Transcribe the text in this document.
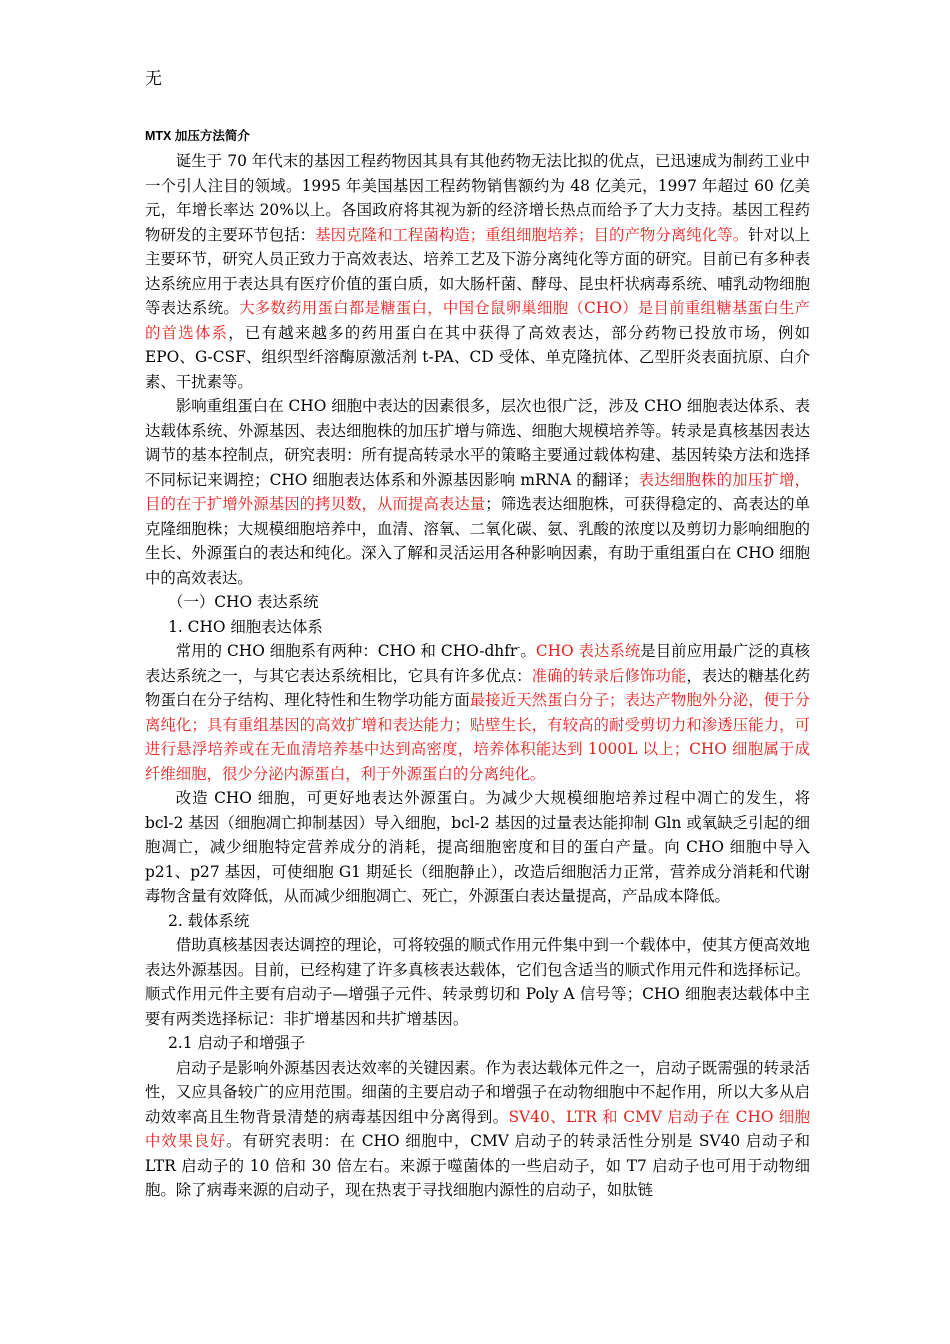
无
MTX 加压方法简介

诞生于 70 年代末的基因工程药物因其具有其他药物无法比拟的优点，已迅速成为制药工业中一个引人注目的领域。1995 年美国基因工程药物销售额约为 48 亿美元，1997 年超过 60 亿美元，年增长率达 20%以上。各国政府将其视为新的经济增长热点而给予了大力支持。基因工程药物研发的主要环节包括：基因克隆和工程菌构造；重组细胞培养；目的产物分离纯化等。针对以上主要环节，研究人员正致力于高效表达、培养工艺及下游分离纯化等方面的研究。目前已有多种表达系统应用于表达具有医疗价值的蛋白质，如大肠杆菌、酵母、昆虫杆状病毒系统、哺乳动物细胞等表达系统。大多数药用蛋白都是糖蛋白，中国仓鼠卵巢细胞（CHO）是目前重组糖基蛋白生产的首选体系，已有越来越多的药用蛋白在其中获得了高效表达，部分药物已投放市场，例如 EPO、G-CSF、组织型纤溶酶原激活剂 t-PA、CD 受体、单克隆抗体、乙型肝炎表面抗原、白介素、干扰素等。

影响重组蛋白在 CHO 细胞中表达的因素很多，层次也很广泛，涉及 CHO 细胞表达体系、表达载体系统、外源基因、表达细胞株的加压扩增与筛选、细胞大规模培养等。转录是真核基因表达调节的基本控制点，研究表明：所有提高转录水平的策略主要通过载体构建、基因转染方法和选择不同标记来调控；CHO 细胞表达体系和外源基因影响 mRNA 的翻译；表达细胞株的加压扩增，目的在于扩增外源基因的拷贝数，从而提高表达量；筛选表达细胞株，可获得稳定的、高表达的单克隆细胞株；大规模细胞培养中，血清、溶氧、二氧化碳、氨、乳酸的浓度以及剪切力影响细胞的生长、外源蛋白的表达和纯化。深入了解和灵活运用各种影响因素，有助于重组蛋白在 CHO 细胞中的高效表达。

（一）CHO 表达系统

1. CHO 细胞表达体系

常用的 CHO 细胞系有两种：CHO 和 CHO-dhfr-。CHO 表达系统是目前应用最广泛的真核表达系统之一，与其它表达系统相比，它具有许多优点：准确的转录后修饰功能，表达的糖基化药物蛋白在分子结构、理化特性和生物学功能方面最接近天然蛋白分子；表达产物胞外分泌，便于分离纯化；具有重组基因的高效扩增和表达能力；贴壁生长，有较高的耐受剪切力和渗透压能力，可进行悬浮培养或在无血清培养基中达到高密度，培养体积能达到 1000L 以上；CHO 细胞属于成纤维细胞，很少分泌内源蛋白，利于外源蛋白的分离纯化。

改造 CHO 细胞，可更好地表达外源蛋白。为减少大规模细胞培养过程中凋亡的发生，将 bcl-2 基因（细胞凋亡抑制基因）导入细胞，bcl-2 基因的过量表达能抑制 Gln 或氧缺乏引起的细胞凋亡，减少细胞特定营养成分的消耗，提高细胞密度和目的蛋白产量。向 CHO 细胞中导入 p21、p27 基因，可使细胞 G1 期延长（细胞静止），改造后细胞活力正常，营养成分消耗和代谢毒物含量有效降低，从而减少细胞凋亡、死亡，外源蛋白表达量提高，产品成本降低。

2. 载体系统

借助真核基因表达调控的理论，可将较强的顺式作用元件集中到一个载体中，使其方便高效地表达外源基因。目前，已经构建了许多真核表达载体，它们包含适当的顺式作用元件和选择标记。顺式作用元件主要有启动子—增强子元件、转录剪切和 Poly A 信号等；CHO 细胞表达载体中主要有两类选择标记：非扩增基因和共扩增基因。

2.1 启动子和增强子

启动子是影响外源基因表达效率的关键因素。作为表达载体元件之一，启动子既需强的转录活性，又应具备较广的应用范围。细菌的主要启动子和增强子在动物细胞中不起作用，所以大多从启动效率高且生物背景清楚的病毒基因组中分离得到。SV40、LTR 和 CMV 启动子在 CHO 细胞中效果良好。有研究表明：在 CHO 细胞中，CMV 启动子的转录活性分别是 SV40 启动子和 LTR 启动子的 10 倍和 30 倍左右。来源于噬菌体的一些启动子，如 T7 启动子也可用于动物细胞。除了病毒来源的启动子，现在热衷于寻找细胞内源性的启动子，如肽链
